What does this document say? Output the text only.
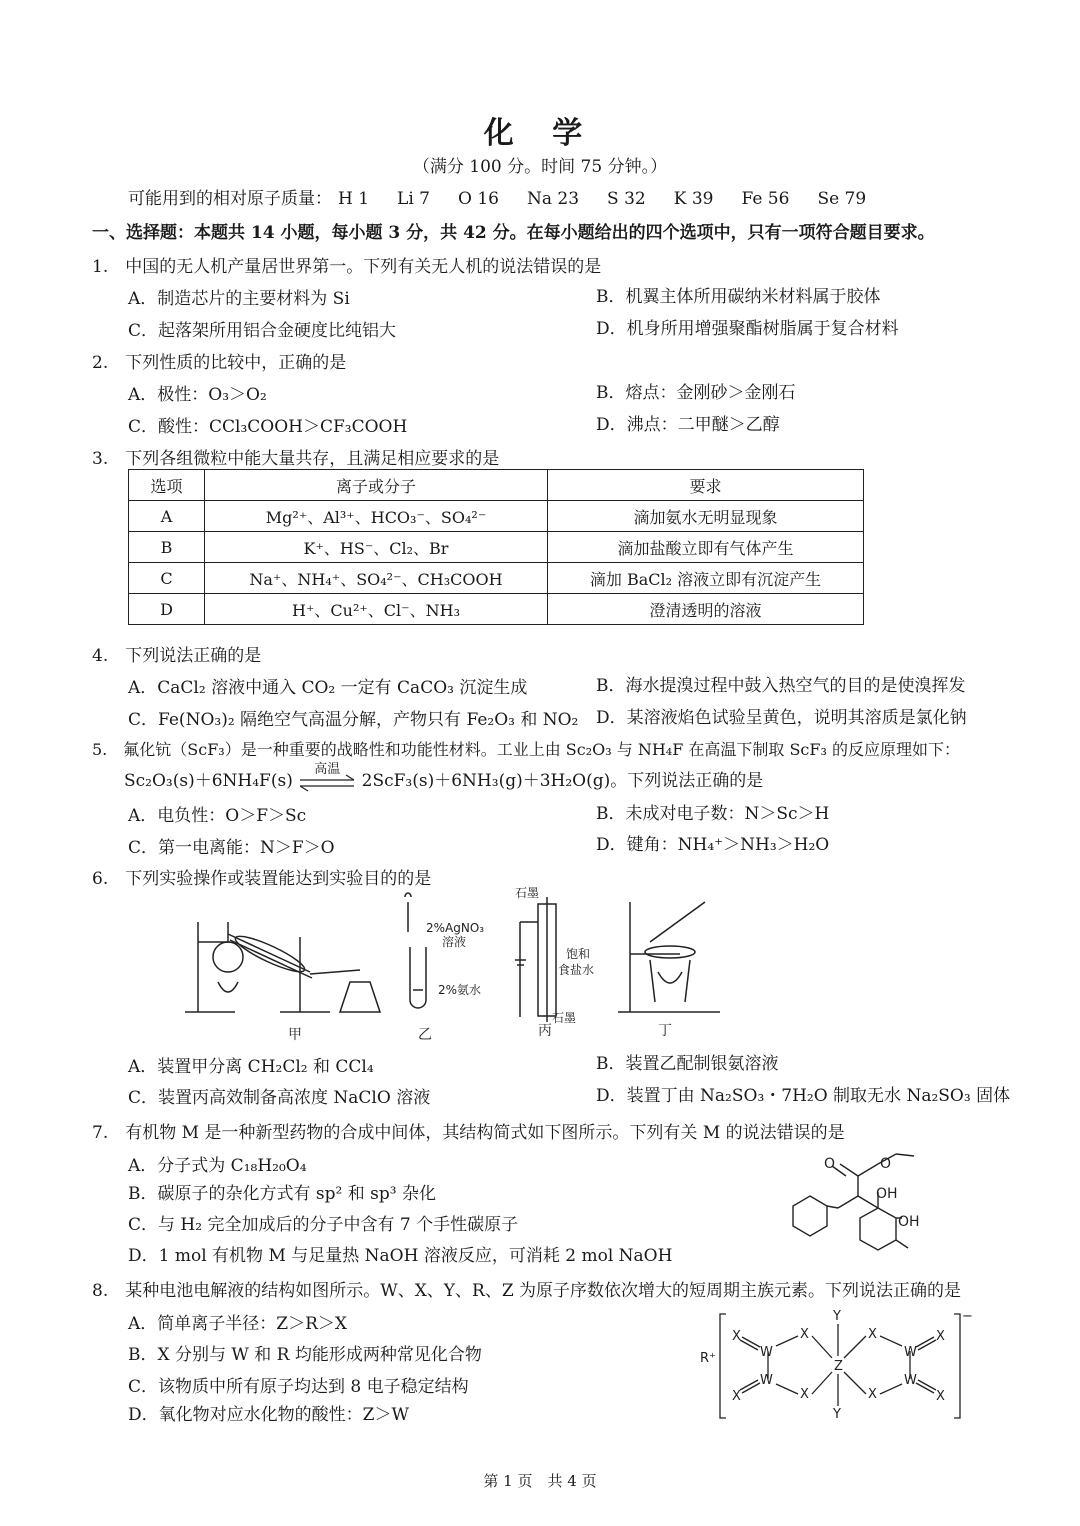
化 学
（满分 100 分。时间 75 分钟。）
可能用到的相对原子质量： H 1 Li 7 O 16 Na 23 S 32 K 39 Fe 56 Se 79
一、选择题：本题共 14 小题，每小题 3 分，共 42 分。在每小题给出的四个选项中，只有一项符合题目要求。
1.　中国的无人机产量居世界第一。下列有关无人机的说法错误的是
A．制造芯片的主要材料为 Si	B．机翼主体所用碳纳米材料属于胶体
C．起落架所用铝合金硬度比纯铝大	D．机身所用增强聚酯树脂属于复合材料
2.　下列性质的比较中，正确的是
A．极性：O₃＞O₂	B．熔点：金刚砂＞金刚石
C．酸性：CCl₃COOH＞CF₃COOH	D．沸点：二甲醚＞乙醇
3.　下列各组微粒中能大量共存，且满足相应要求的是
选项	离子或分子	要求
A	Mg²⁺、Al³⁺、HCO₃⁻、SO₄²⁻	滴加氨水无明显现象
B	K⁺、HS⁻、Cl₂、Br	滴加盐酸立即有气体产生
C	Na⁺、NH₄⁺、SO₄²⁻、CH₃COOH	滴加 BaCl₂ 溶液立即有沉淀产生
D	H⁺、Cu²⁺、Cl⁻、NH₃	澄清透明的溶液
4.　下列说法正确的是
A．CaCl₂ 溶液中通入 CO₂ 一定有 CaCO₃ 沉淀生成	B．海水提溴过程中鼓入热空气的目的是使溴挥发
C．Fe(NO₃)₂ 隔绝空气高温分解，产物只有 Fe₂O₃ 和 NO₂ D．某溶液焰色试验呈黄色，说明其溶质是氯化钠
5.　氟化钪（ScF₃）是一种重要的战略性和功能性材料。工业上由 Sc₂O₃ 与 NH₄F 在高温下制取 ScF₃ 的反应原理如下：
Sc₂O₃(s)＋6NH₄F(s)
高温
2ScF₃(s)＋6NH₃(g)＋3H₂O(g)。下列说法正确的是
A．电负性：O＞F＞Sc	B．未成对电子数：N＞Sc＞H
C．第一电离能：N＞F＞O	D．键角：NH₄⁺＞NH₃＞H₂O
6.　下列实验操作或装置能达到实验目的的是
石墨
2%AgNO₃
溶液
2%氨水
饱和
食盐水
石墨
甲	乙	丙	丁
A．装置甲分离 CH₂Cl₂ 和 CCl₄	B．装置乙配制银氨溶液
C．装置丙高效制备高浓度 NaClO 溶液	D．装置丁由 Na₂SO₃・7H₂O 制取无水 Na₂SO₃ 固体
7.　有机物 M 是一种新型药物的合成中间体，其结构简式如下图所示。下列有关 M 的说法错误的是
A．分子式为 C₁₈H₂₀O₄
B．碳原子的杂化方式有 sp² 和 sp³ 杂化
C．与 H₂ 完全加成后的分子中含有 7 个手性碳原子
D．1 mol 有机物 M 与足量热 NaOH 溶液反应，可消耗 2 mol NaOH
O	O
OH
OH
8.　某种电池电解液的结构如图所示。W、X、Y、R、Z 为原子序数依次增大的短周期主族元素。下列说法正确的是
A．简单离子半径：Z＞R＞X
B．X 分别与 W 和 R 均能形成两种常见化合物
C．该物质中所有原子均达到 8 电子稳定结构
D．氧化物对应水化物的酸性：Z＞W
R⁺
−
X
X
W
W
X
X
Y
Y
Z
X
X
W
W
X
X
第 1 页　共 4 页
